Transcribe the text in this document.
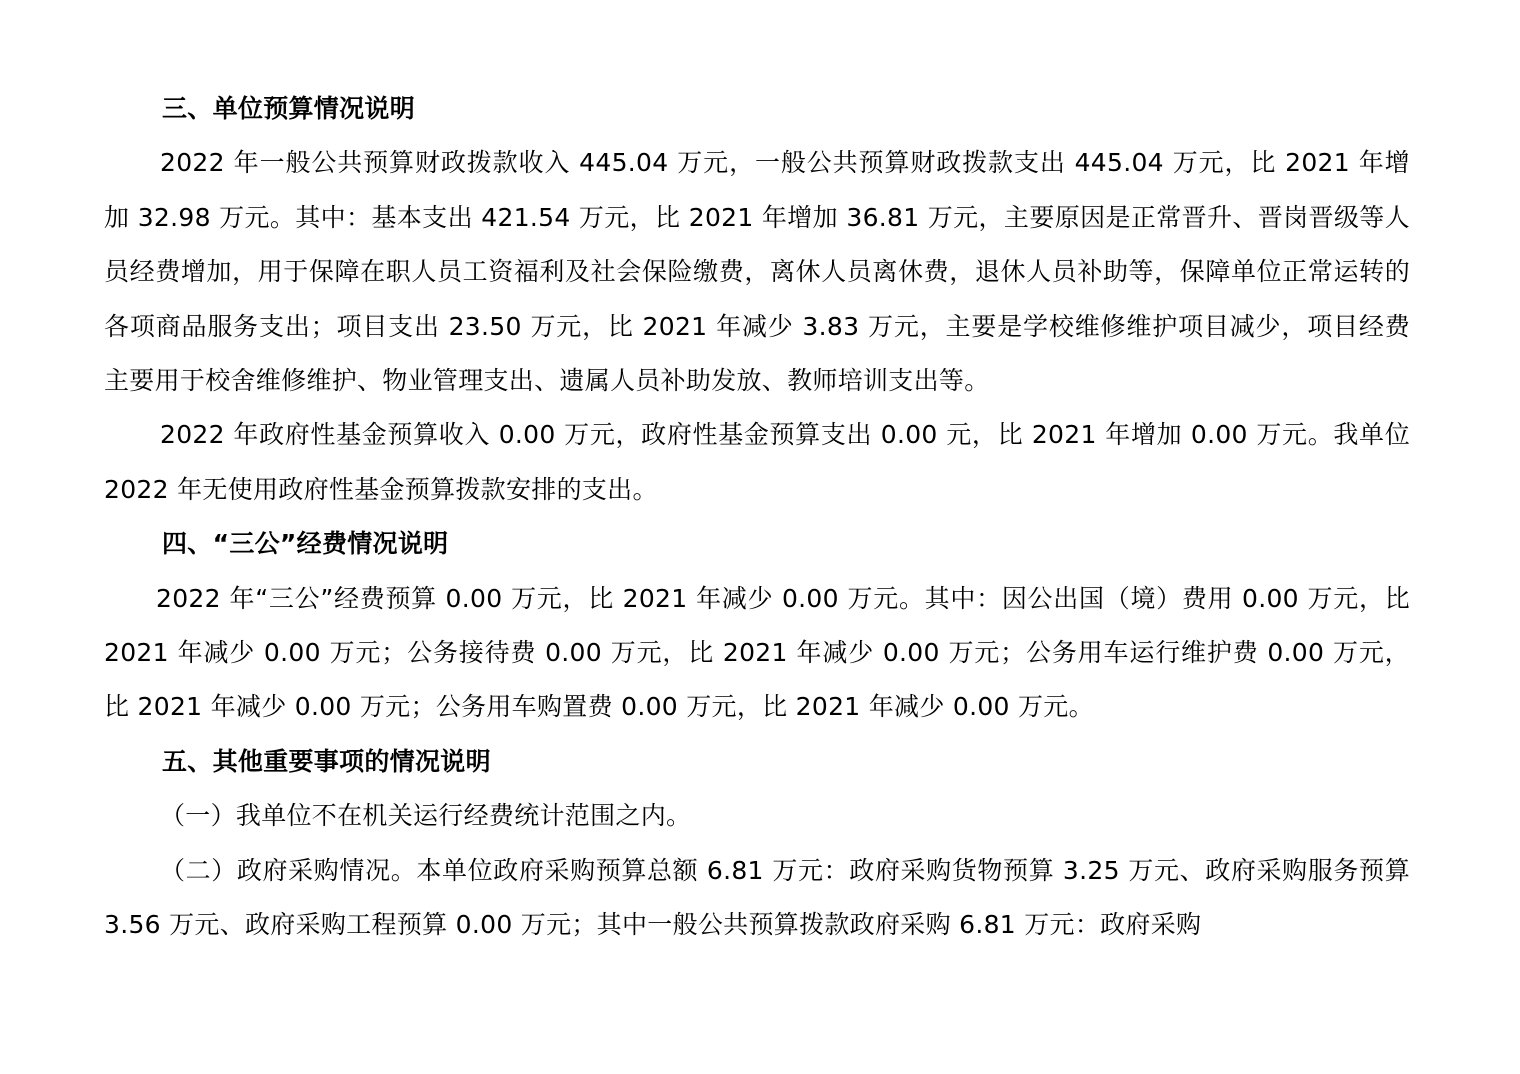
三、单位预算情况说明

2022 年一般公共预算财政拨款收入 445.04 万元，一般公共预算财政拨款支出 445.04 万元，比 2021 年增加 32.98 万元。其中：基本支出 421.54 万元，比 2021 年增加 36.81 万元，主要原因是正常晋升、晋岗晋级等人员经费增加，用于保障在职人员工资福利及社会保险缴费，离休人员离休费，退休人员补助等，保障单位正常运转的各项商品服务支出；项目支出 23.50 万元，比 2021 年减少 3.83 万元，主要是学校维修维护项目减少，项目经费主要用于校舍维修维护、物业管理支出、遗属人员补助发放、教师培训支出等。

2022 年政府性基金预算收入 0.00 万元，政府性基金预算支出 0.00 元，比 2021 年增加 0.00 万元。我单位 2022 年无使用政府性基金预算拨款安排的支出。

四、“三公”经费情况说明

2022 年“三公”经费预算 0.00 万元，比 2021 年减少 0.00 万元。其中：因公出国（境）费用 0.00 万元，比 2021 年减少 0.00 万元；公务接待费 0.00 万元，比 2021 年减少 0.00 万元；公务用车运行维护费 0.00 万元，比 2021 年减少 0.00 万元；公务用车购置费 0.00 万元，比 2021 年减少 0.00 万元。

五、其他重要事项的情况说明

（一）我单位不在机关运行经费统计范围之内。

（二）政府采购情况。本单位政府采购预算总额 6.81 万元：政府采购货物预算 3.25 万元、政府采购服务预算 3.56 万元、政府采购工程预算 0.00 万元；其中一般公共预算拨款政府采购 6.81 万元：政府采购
